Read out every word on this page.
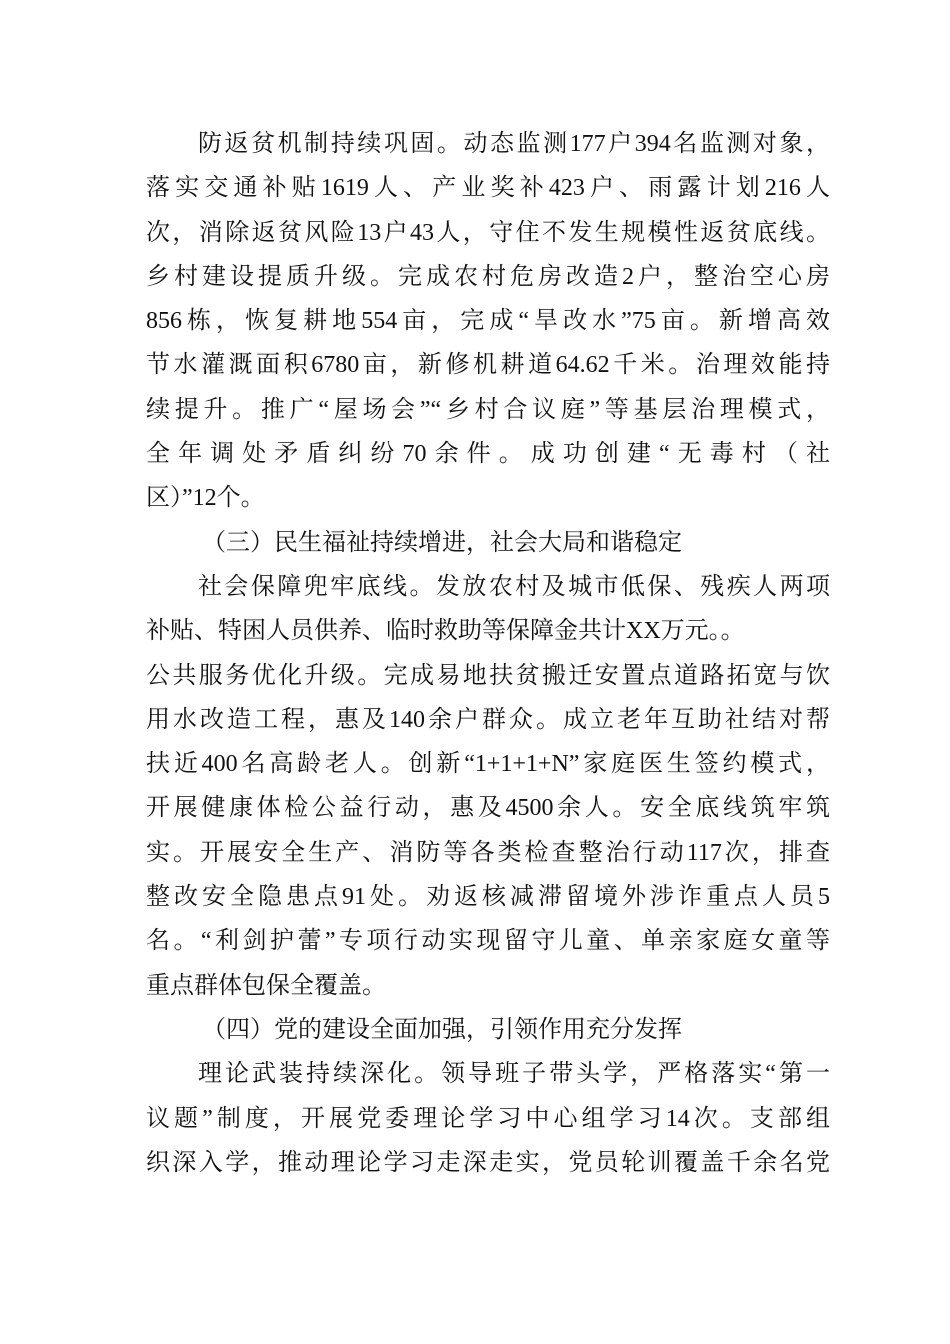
防返贫机制持续巩固。动态监测177户394名监测对象，
落实交通补贴1619人、产业奖补423户、雨露计划216人
次，消除返贫风险13户43人，守住不发生规模性返贫底线。
乡村建设提质升级。完成农村危房改造2户，整治空心房
856栋，恢复耕地554亩，完成“旱改水”75亩。新增高效
节水灌溉面积6780亩，新修机耕道64.62千米。治理效能持
续提升。推广“屋场会”“乡村合议庭”等基层治理模式，
全年调处矛盾纠纷70余件。成功创建“无毒村（社
区）”12个。
（三）民生福祉持续增进，社会大局和谐稳定
社会保障兜牢底线。发放农村及城市低保、残疾人两项
补贴、特困人员供养、临时救助等保障金共计XX万元。。
公共服务优化升级。完成易地扶贫搬迁安置点道路拓宽与饮
用水改造工程，惠及140余户群众。成立老年互助社结对帮
扶近400名高龄老人。创新“1+1+1+N”家庭医生签约模式，
开展健康体检公益行动，惠及4500余人。安全底线筑牢筑
实。开展安全生产、消防等各类检查整治行动117次，排查
整改安全隐患点91处。劝返核减滞留境外涉诈重点人员5
名。“利剑护蕾”专项行动实现留守儿童、单亲家庭女童等
重点群体包保全覆盖。
（四）党的建设全面加强，引领作用充分发挥
理论武装持续深化。领导班子带头学，严格落实“第一
议题”制度，开展党委理论学习中心组学习14次。支部组
织深入学，推动理论学习走深走实，党员轮训覆盖千余名党
